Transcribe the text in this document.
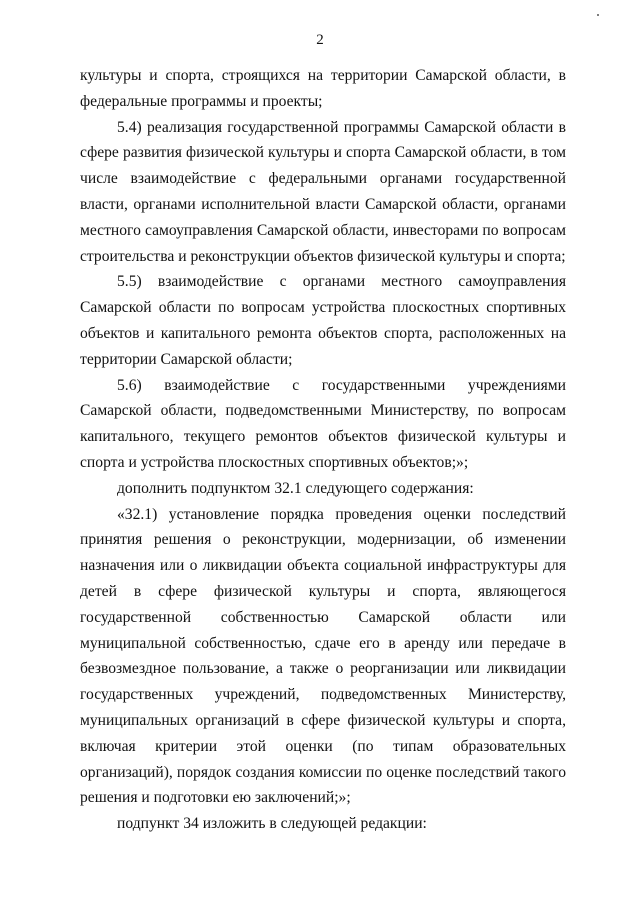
2

культуры и спорта, строящихся на территории Самарской области, в федеральные программы и проекты;

5.4) реализация государственной программы Самарской области в сфере развития физической культуры и спорта Самарской области, в том числе взаимодействие с федеральными органами государственной власти, органами исполнительной власти Самарской области, органами местного самоуправления Самарской области, инвесторами по вопросам строительства и реконструкции объектов физической культуры и спорта;

5.5) взаимодействие с органами местного самоуправления Самарской области по вопросам устройства плоскостных спортивных объектов и капитального ремонта объектов спорта, расположенных на территории Самарской области;

5.6) взаимодействие с государственными учреждениями Самарской области, подведомственными Министерству, по вопросам капитального, текущего ремонтов объектов физической культуры и спорта и устройства плоскостных спортивных объектов;»;

дополнить подпунктом 32.1 следующего содержания:

«32.1) установление порядка проведения оценки последствий принятия решения о реконструкции, модернизации, об изменении назначения или о ликвидации объекта социальной инфраструктуры для детей в сфере физической культуры и спорта, являющегося государственной собственностью Самарской области или муниципальной собственностью, сдаче его в аренду или передаче в безвозмездное пользование, а также о реорганизации или ликвидации государственных учреждений, подведомственных Министерству, муниципальных организаций в сфере физической культуры и спорта, включая критерии этой оценки (по типам образовательных организаций), порядок создания комиссии по оценке последствий такого решения и подготовки ею заключений;»;

подпункт 34 изложить в следующей редакции:
